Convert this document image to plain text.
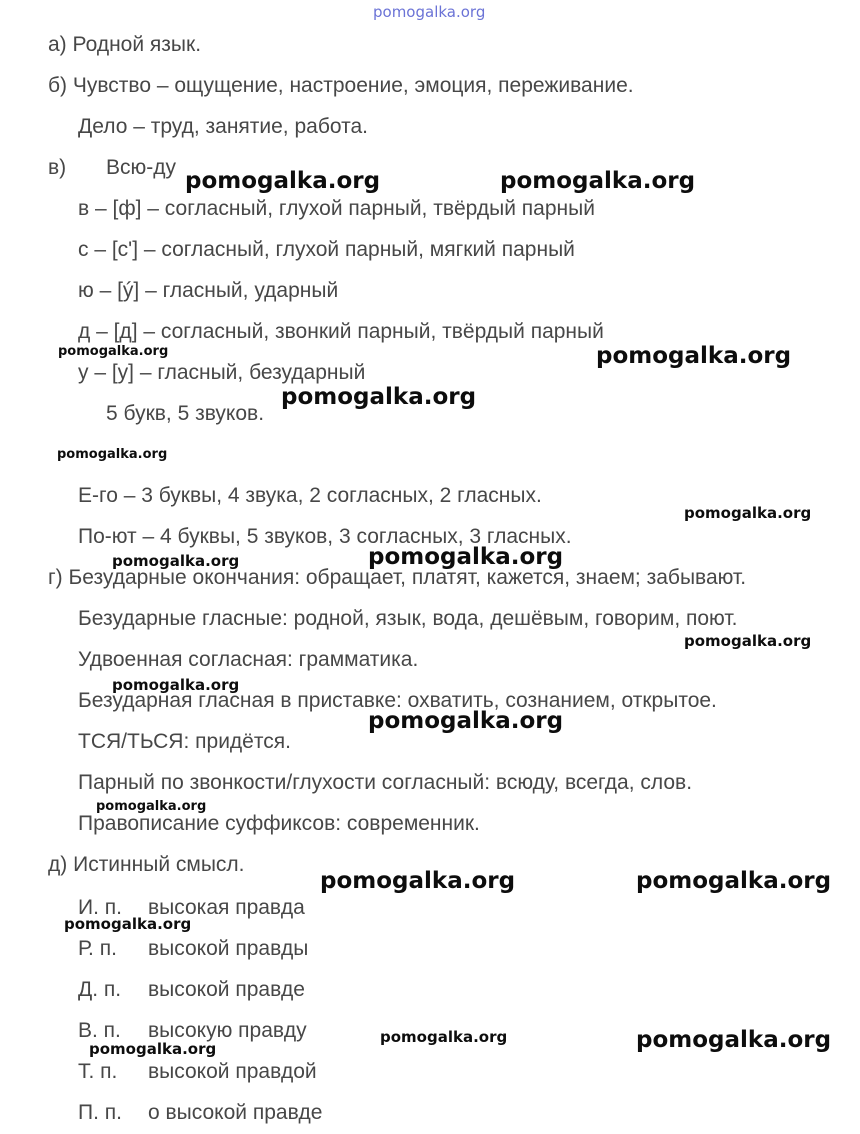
pomogalka.org
а) Родной язык.
б) Чувство – ощущение, настроение, эмоция, переживание.
Дело – труд, занятие, работа.
в) Всю-ду
в – [ф] – согласный, глухой парный, твёрдый парный
с – [с'] – согласный, глухой парный, мягкий парный
ю – [ý] – гласный, ударный
д – [д] – согласный, звонкий парный, твёрдый парный
у – [у] – гласный, безударный
5 букв, 5 звуков.
Е-го – 3 буквы, 4 звука, 2 согласных, 2 гласных.
По-ют – 4 буквы, 5 звуков, 3 согласных, 3 гласных.
г) Безударные окончания: обращает, платят, кажется, знаем; забывают.
Безударные гласные: родной, язык, вода, дешёвым, говорим, поют.
Удвоенная согласная: грамматика.
Безударная гласная в приставке: охватить, сознанием, открытое.
ТСЯ/ТЬСЯ: придётся.
Парный по звонкости/глухости согласный: всюду, всегда, слов.
Правописание суффиксов: современник.
д) Истинный смысл.
И. п. высокая правда
Р. п. высокой правды
Д. п. высокой правде
В. п. высокую правду
Т. п. высокой правдой
П. п. о высокой правде
pomogalka.org	pomogalka.org
pomogalka.org	pomogalka.org
pomogalka.org
pomogalka.org
pomogalka.org
pomogalka.org	pomogalka.org
pomogalka.org
pomogalka.org
pomogalka.org
pomogalka.org
pomogalka.org	pomogalka.org
pomogalka.org
pomogalka.org	pomogalka.org
pomogalka.org
